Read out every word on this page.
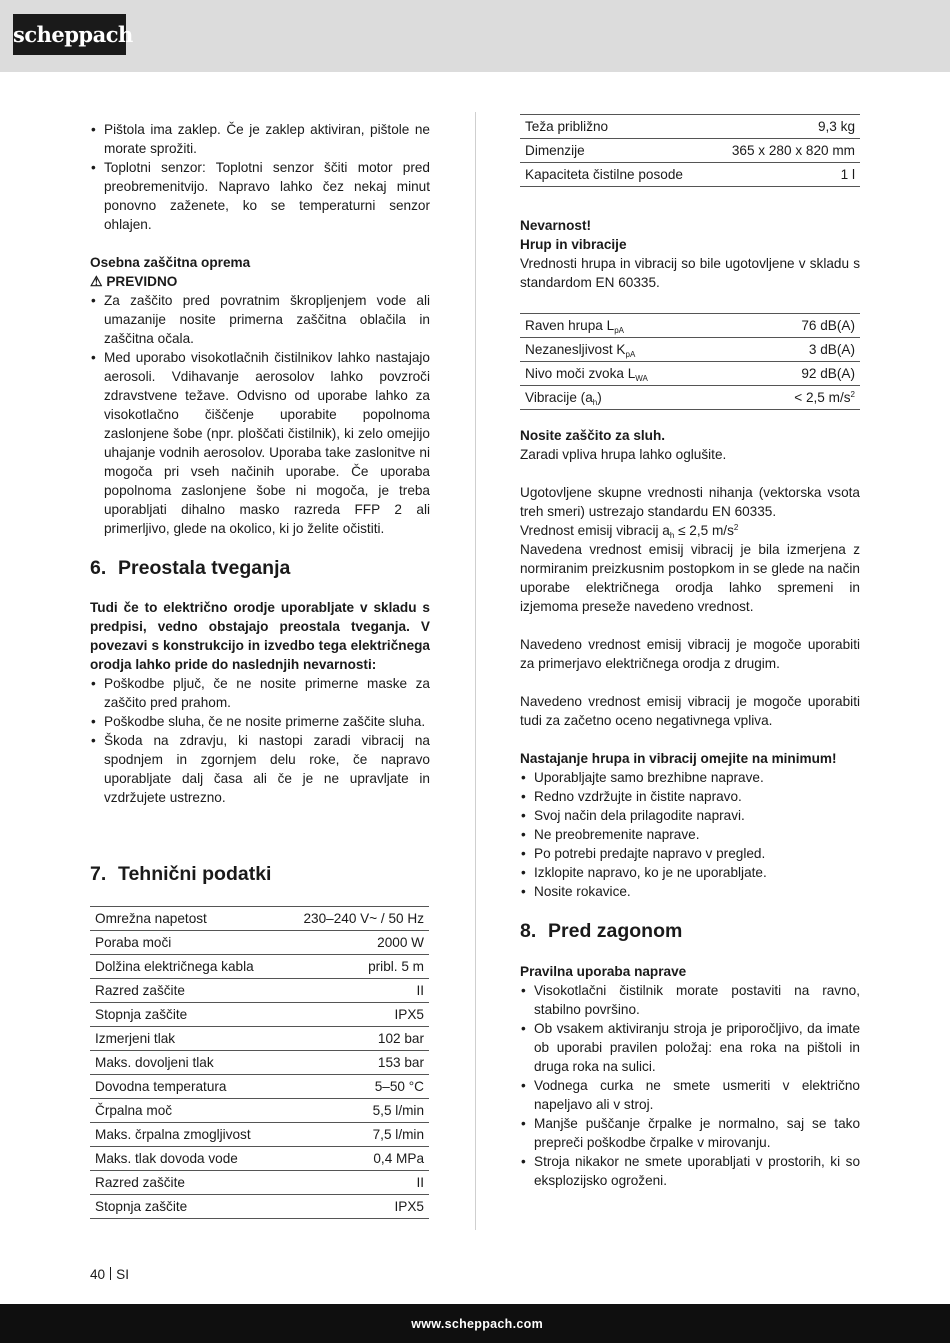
scheppach
• Pištola ima zaklep. Če je zaklep aktiviran, pištole ne morate sprožiti.
• Toplotni senzor: Toplotni senzor ščiti motor pred preobremenitvijo. Napravo lahko čez nekaj minut ponovno zaženete, ko se temperaturni senzor ohlajen.

Osebna zaščitna oprema

⚠ PREVIDNO

• Za zaščito pred povratnim škropljenjem vode ali umazanije nosite primerna zaščitna oblačila in zaščitna očala.
• Med uporabo visokotlačnih čistilnikov lahko nastajajo aerosoli. Vdihavanje aerosolov lahko povzroči zdravstvene težave. Odvisno od uporabe lahko za visokotlačno čiščenje uporabite popolnoma zaslonjene šobe (npr. ploščati čistilnik), ki zelo omejijo uhajanje vodnih aerosolov. Uporaba take zaslonitve ni mogoča pri vseh načinih uporabe. Če uporaba popolnoma zaslonjene šobe ni mogoča, je treba uporabljati dihalno masko razreda FFP 2 ali primerljivo, glede na okolico, ki jo želite očistiti.
6. Preostala tveganja

Tudi če to električno orodje uporabljate v skladu s predpisi, vedno obstajajo preostala tveganja. V povezavi s konstrukcijo in izvedbo tega električnega orodja lahko pride do naslednjih nevarnosti:

• Poškodbe pljuč, če ne nosite primerne maske za zaščito pred prahom.
• Poškodbe sluha, če ne nosite primerne zaščite sluha.
• Škoda na zdravju, ki nastopi zaradi vibracij na spodnjem in zgornjem delu roke, če napravo uporabljate dalj časa ali če je ne upravljate in vzdržujete ustrezno.
7. Tehnični podatki
Omrežna napetost	230–240 V~ / 50 Hz
Poraba moči	2000 W
Dolžina električnega kabla	pribl. 5 m
Razred zaščite	II
Stopnja zaščite	IPX5
Izmerjeni tlak	102 bar
Maks. dovoljeni tlak	153 bar
Dovodna temperatura	5–50 °C
Črpalna moč	5,5 l/min
Maks. črpalna zmogljivost	7,5 l/min
Maks. tlak dovoda vode	0,4 MPa
Razred zaščite	II
Stopnja zaščite	IPX5
Teža približno	9,3 kg
Dimenzije	365 x 280 x 820 mm
Kapaciteta čistilne posode	1 l

Nevarnost!

Hrup in vibracije

Vrednosti hrupa in vibracij so bile ugotovljene v skladu s standardom EN 60335.

Raven hrupa $L_{pA}$	76 dB(A)
Nezanesljivost $K_{pA}$	3 dB(A)
Nivo moči zvoka $L_{WA}$	92 dB(A)
Vibracije $(a_h)$	< 2,5 $m/s^2$

Nosite zaščito za sluh.

Zaradi vpliva hrupa lahko oglušite.

Ugotovljene skupne vrednosti nihanja (vektorska vsota treh smeri) ustrezajo standardu EN 60335.

Vrednost emisij vibracij $a_h \le 2,5$ $m/s^2$

Navedena vrednost emisij vibracij je bila izmerjena z normiranim preizkusnim postopkom in se glede na način uporabe električnega orodja lahko spremeni in izjemoma preseže navedeno vrednost.

Navedeno vrednost emisij vibracij je mogoče uporabiti za primerjavo električnega orodja z drugim.

Navedeno vrednost emisij vibracij je mogoče uporabiti tudi za začetno oceno negativnega vpliva.

Nastajanje hrupa in vibracij omejite na minimum!

• Uporabljajte samo brezhibne naprave.
• Redno vzdržujte in čistite napravo.
• Svoj način dela prilagodite napravi.
• Ne preobremenite naprave.
• Po potrebi predajte napravo v pregled.
• Izklopite napravo, ko je ne uporabljate.
• Nosite rokavice.
8. Pred zagonom

Pravilna uporaba naprave

• Visokotlačni čistilnik morate postaviti na ravno, stabilno površino.
• Ob vsakem aktiviranju stroja je priporočljivo, da imate ob uporabi pravilen položaj: ena roka na pištoli in druga roka na sulici.
• Vodnega curka ne smete usmeriti v električno napeljavo ali v stroj.
• Manjše puščanje črpalke je normalno, saj se tako prepreči poškodbe črpalke v mirovanju.
• Stroja nikakor ne smete uporabljati v prostorih, ki so eksplozijsko ogroženi.
40 SI
www.scheppach.com
